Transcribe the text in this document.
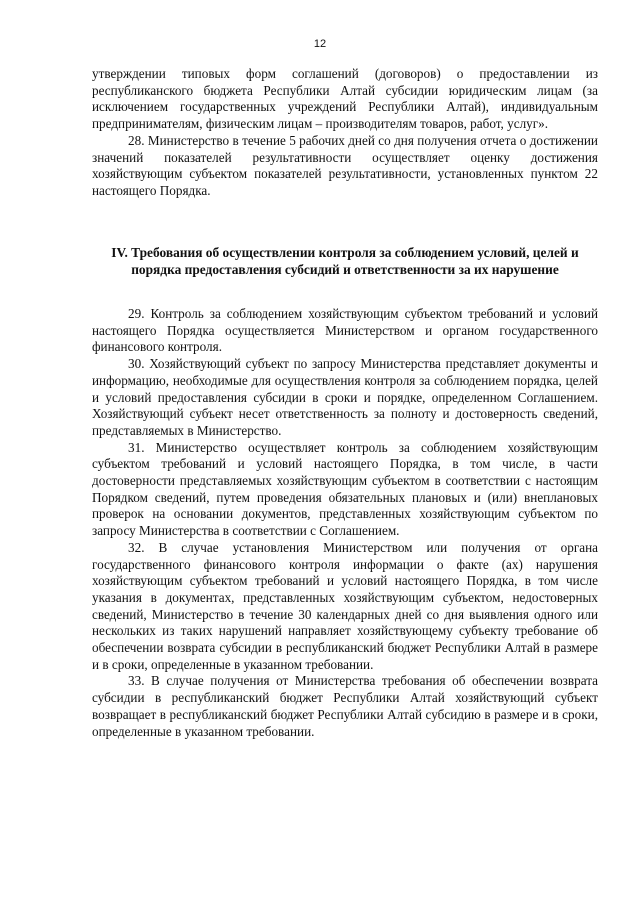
12

утверждении типовых форм соглашений (договоров) о предоставлении из республиканского бюджета Республики Алтай субсидии юридическим лицам (за исключением государственных учреждений Республики Алтай), индивидуальным предпринимателям, физическим лицам – производителям товаров, работ, услуг».

28. Министерство в течение 5 рабочих дней со дня получения отчета о достижении значений показателей результативности осуществляет оценку достижения хозяйствующим субъектом показателей результативности, установленных пунктом 22 настоящего Порядка.

IV. Требования об осуществлении контроля за соблюдением условий, целей и порядка предоставления субсидий и ответственности за их нарушение

29. Контроль за соблюдением хозяйствующим субъектом требований и условий настоящего Порядка осуществляется Министерством и органом государственного финансового контроля.

30. Хозяйствующий субъект по запросу Министерства представляет документы и информацию, необходимые для осуществления контроля за соблюдением порядка, целей и условий предоставления субсидии в сроки и порядке, определенном Соглашением. Хозяйствующий субъект несет ответственность за полноту и достоверность сведений, представляемых в Министерство.

31. Министерство осуществляет контроль за соблюдением хозяйствующим субъектом требований и условий настоящего Порядка, в том числе, в части достоверности представляемых хозяйствующим субъектом в соответствии с настоящим Порядком сведений, путем проведения обязательных плановых и (или) внеплановых проверок на основании документов, представленных хозяйствующим субъектом по запросу Министерства в соответствии с Соглашением.

32. В случае установления Министерством или получения от органа государственного финансового контроля информации о факте (ах) нарушения хозяйствующим субъектом требований и условий настоящего Порядка, в том числе указания в документах, представленных хозяйствующим субъектом, недостоверных сведений, Министерство в течение 30 календарных дней со дня выявления одного или нескольких из таких нарушений направляет хозяйствующему субъекту требование об обеспечении возврата субсидии в республиканский бюджет Республики Алтай в размере и в сроки, определенные в указанном требовании.

33. В случае получения от Министерства требования об обеспечении возврата субсидии в республиканский бюджет Республики Алтай хозяйствующий субъект возвращает в республиканский бюджет Республики Алтай субсидию в размере и в сроки, определенные в указанном требовании.
